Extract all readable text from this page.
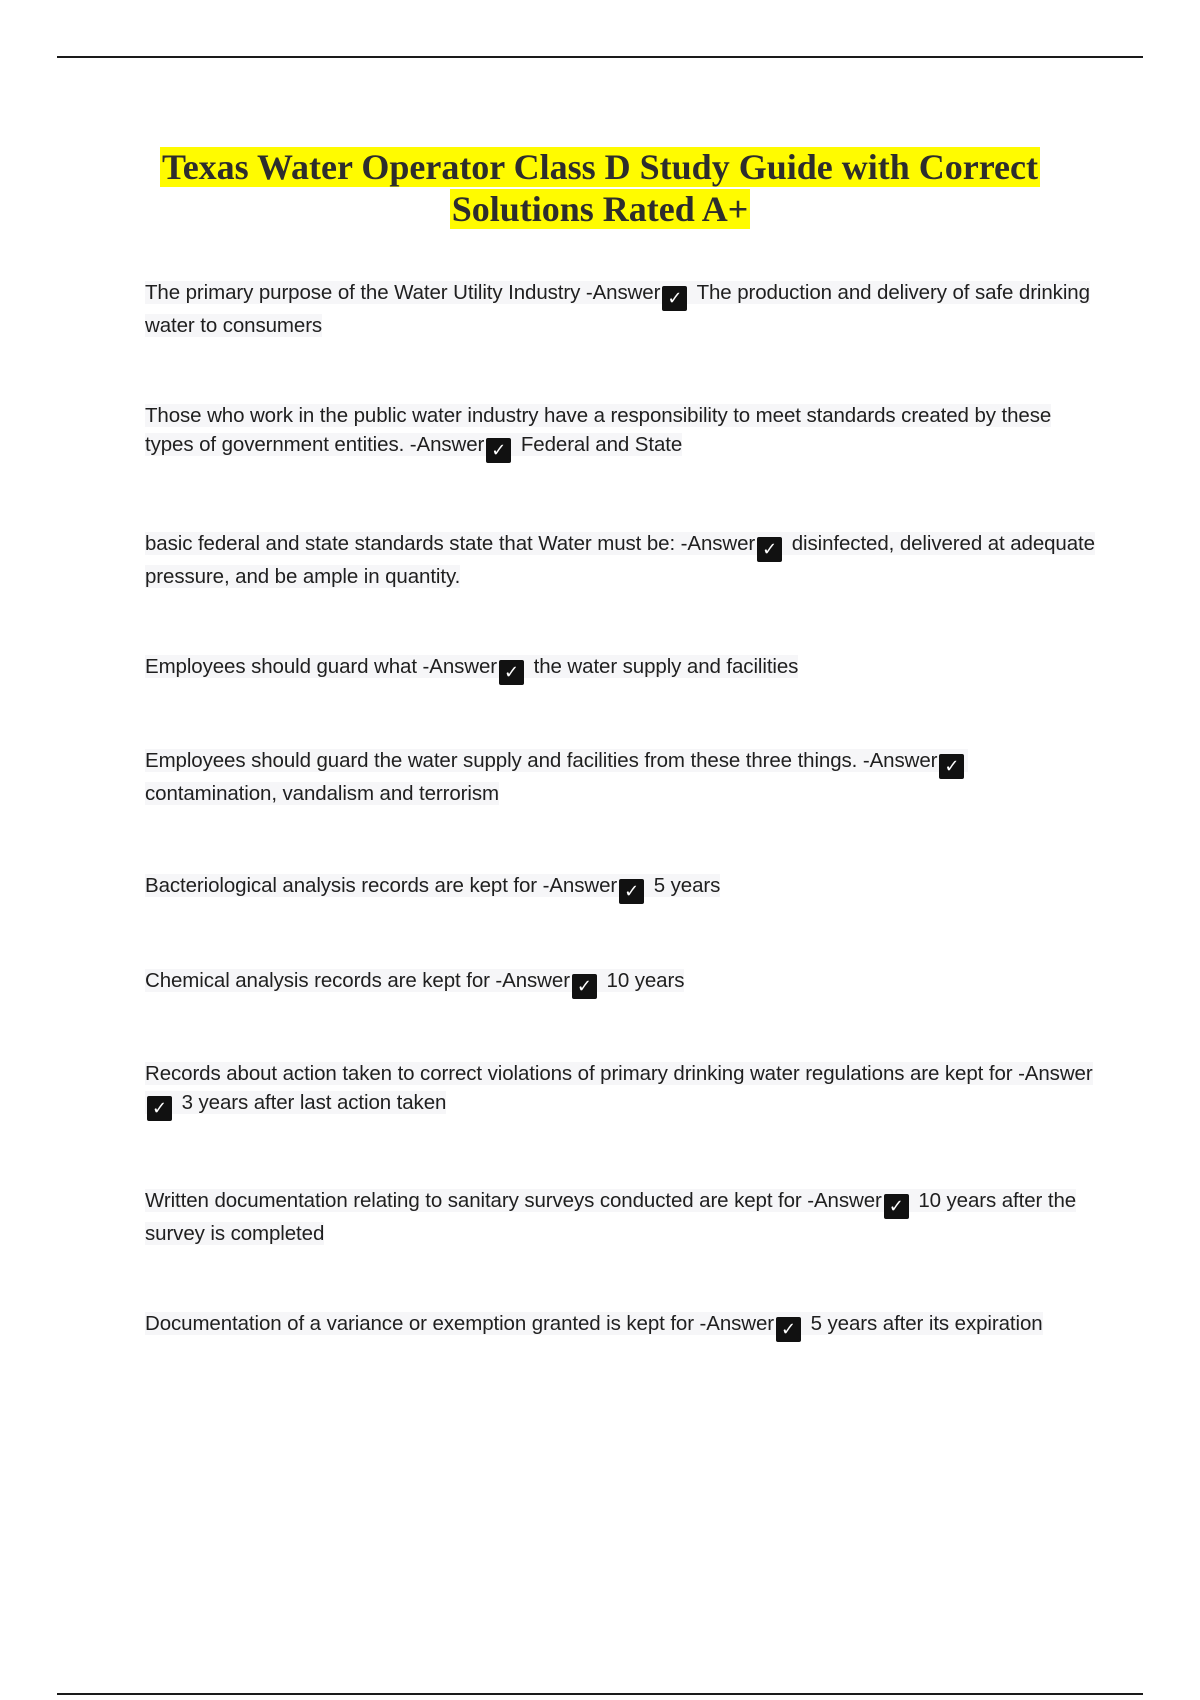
Texas Water Operator Class D Study Guide with Correct Solutions Rated A+
The primary purpose of the Water Utility Industry -Answer ✓ The production and delivery of safe drinking water to consumers
Those who work in the public water industry have a responsibility to meet standards created by these types of government entities. -Answer ✓ Federal and State
basic federal and state standards state that Water must be: -Answer ✓ disinfected, delivered at adequate pressure, and be ample in quantity.
Employees should guard what -Answer ✓ the water supply and facilities
Employees should guard the water supply and facilities from these three things. -Answer ✓ contamination, vandalism and terrorism
Bacteriological analysis records are kept for -Answer ✓ 5 years
Chemical analysis records are kept for -Answer ✓ 10 years
Records about action taken to correct violations of primary drinking water regulations are kept for -Answer✓ 3 years after last action taken
Written documentation relating to sanitary surveys conducted are kept for -Answer ✓ 10 years after the survey is completed
Documentation of a variance or exemption granted is kept for -Answer ✓ 5 years after its expiration
